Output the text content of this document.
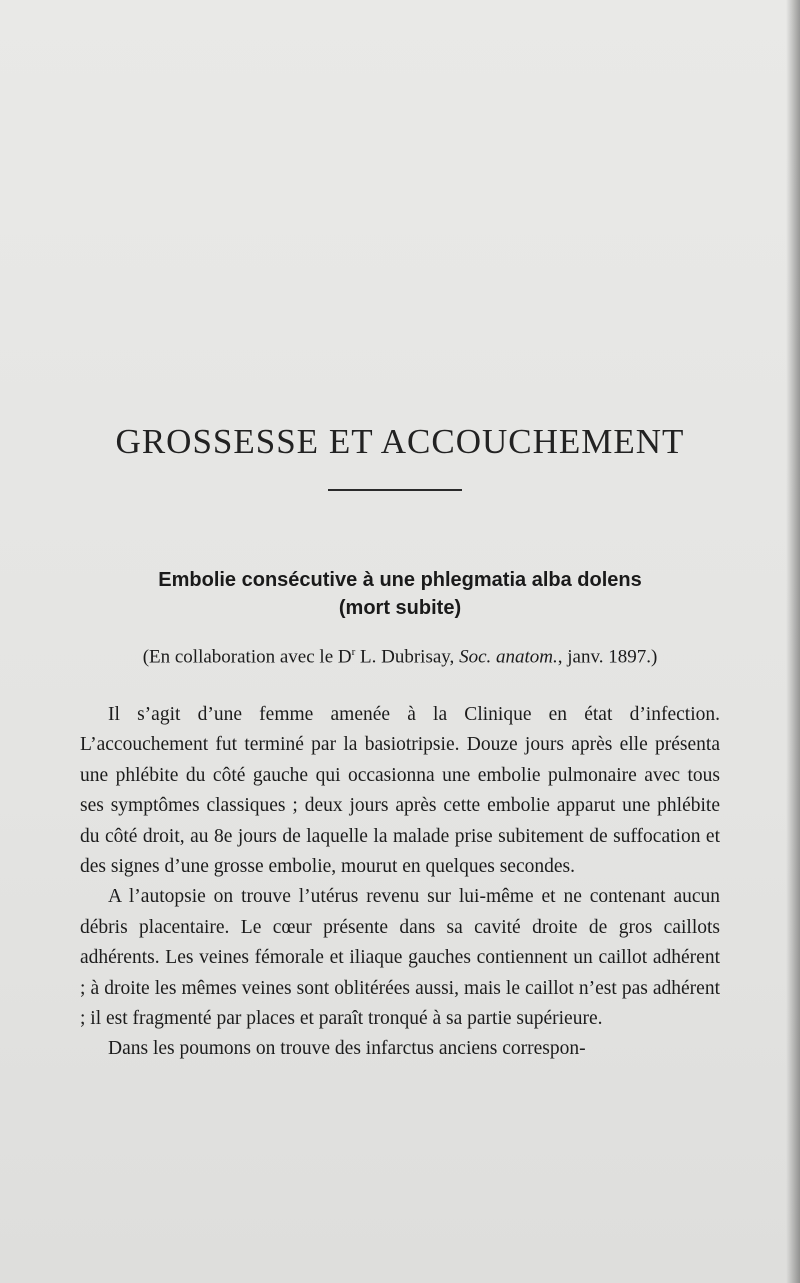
GROSSESSE ET ACCOUCHEMENT
Embolie consécutive à une phlegmatia alba dolens
(mort subite)

(En collaboration avec le $D^r$ L. Dubrisay, Soc. anatom., janv. 1897.)

Il s’agit d’une femme amenée à la Clinique en état d’infection. L’accouchement fut terminé par la basiotripsie. Douze jours après elle présenta une phlébite du côté gauche qui occasionna une embolie pulmonaire avec tous ses symptômes classiques ; deux jours après cette embolie apparut une phlébite du côté droit, au 8e jours de laquelle la malade prise subitement de suffocation et des signes d’une grosse embolie, mourut en quelques secondes.

A l’autopsie on trouve l’utérus revenu sur lui-même et ne contenant aucun débris placentaire. Le cœur présente dans sa cavité droite de gros caillots adhérents. Les veines fémorale et iliaque gauches contiennent un caillot adhérent ; à droite les mêmes veines sont oblitérées aussi, mais le caillot n’est pas adhérent ; il est fragmenté par places et paraît tronqué à sa partie supérieure.

Dans les poumons on trouve des infarctus anciens correspon-
